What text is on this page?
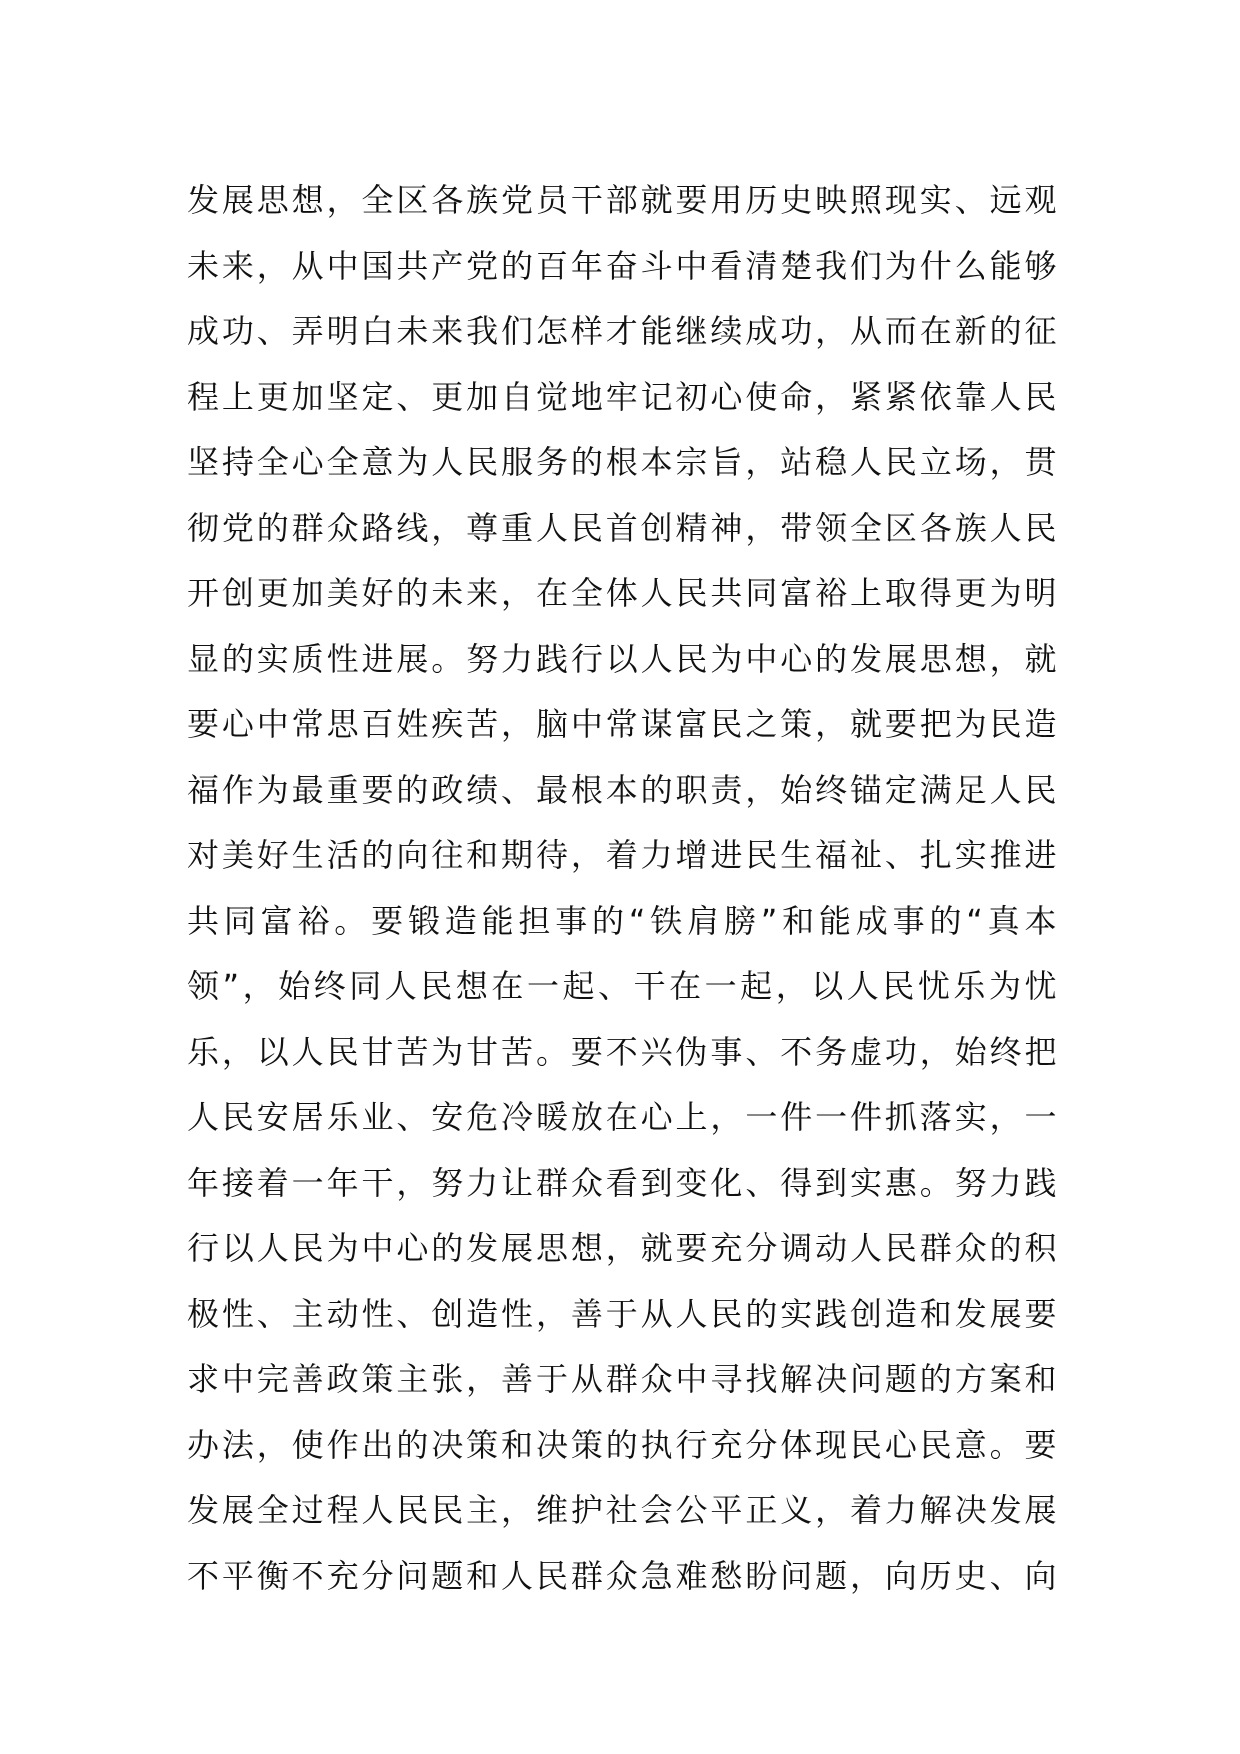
发展思想，全区各族党员干部就要用历史映照现实、远观
未来，从中国共产党的百年奋斗中看清楚我们为什么能够
成功、弄明白未来我们怎样才能继续成功，从而在新的征
程上更加坚定、更加自觉地牢记初心使命，紧紧依靠人民
坚持全心全意为人民服务的根本宗旨，站稳人民立场，贯
彻党的群众路线，尊重人民首创精神，带领全区各族人民
开创更加美好的未来，在全体人民共同富裕上取得更为明
显的实质性进展。努力践行以人民为中心的发展思想，就
要心中常思百姓疾苦，脑中常谋富民之策，就要把为民造
福作为最重要的政绩、最根本的职责，始终锚定满足人民
对美好生活的向往和期待，着力增进民生福祉、扎实推进
共同富裕。要锻造能担事的“铁肩膀”和能成事的“真本
领”，始终同人民想在一起、干在一起，以人民忧乐为忧
乐，以人民甘苦为甘苦。要不兴伪事、不务虚功，始终把
人民安居乐业、安危冷暖放在心上，一件一件抓落实，一
年接着一年干，努力让群众看到变化、得到实惠。努力践
行以人民为中心的发展思想，就要充分调动人民群众的积
极性、主动性、创造性，善于从人民的实践创造和发展要
求中完善政策主张，善于从群众中寻找解决问题的方案和
办法，使作出的决策和决策的执行充分体现民心民意。要
发展全过程人民民主，维护社会公平正义，着力解决发展
不平衡不充分问题和人民群众急难愁盼问题，向历史、向
